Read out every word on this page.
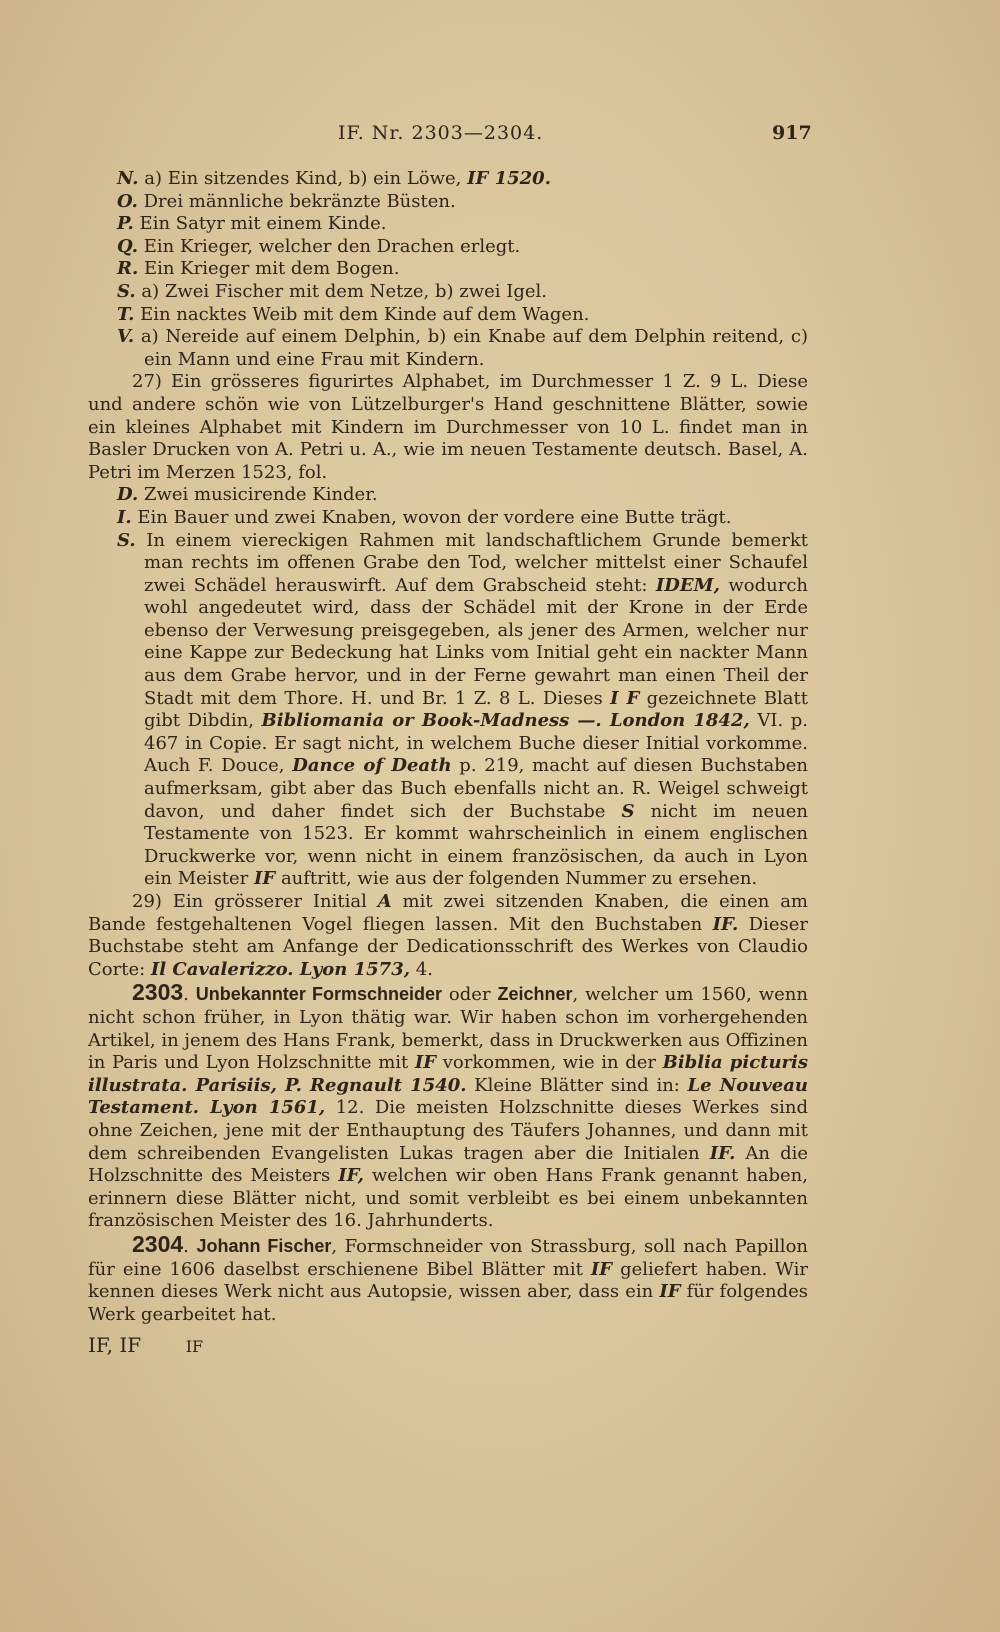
IF. Nr. 2303—2304.	917

N. a) Ein sitzendes Kind, b) ein Löwe, IF 1520.

O. Drei männliche bekränzte Büsten.

P. Ein Satyr mit einem Kinde.

Q. Ein Krieger, welcher den Drachen erlegt.

R. Ein Krieger mit dem Bogen.

S. a) Zwei Fischer mit dem Netze, b) zwei Igel.

T. Ein nacktes Weib mit dem Kinde auf dem Wagen.

V. a) Nereide auf einem Delphin, b) ein Knabe auf dem Delphin reitend, c) ein Mann und eine Frau mit Kindern.

27) Ein grösseres figurirtes Alphabet, im Durchmesser 1 Z. 9 L. Diese und andere schön wie von Lützelburger's Hand geschnittene Blätter, sowie ein kleines Alphabet mit Kindern im Durchmesser von 10 L. findet man in Basler Drucken von A. Petri u. A., wie im neuen Testamente deutsch. Basel, A. Petri im Merzen 1523, fol.

D. Zwei musicirende Kinder.

I. Ein Bauer und zwei Knaben, wovon der vordere eine Butte trägt.

S. In einem viereckigen Rahmen mit landschaftlichem Grunde bemerkt man rechts im offenen Grabe den Tod, welcher mittelst einer Schaufel zwei Schädel herauswirft. Auf dem Grabscheid steht: IDEM, wodurch wohl angedeutet wird, dass der Schädel mit der Krone in der Erde ebenso der Verwesung preisgegeben, als jener des Armen, welcher nur eine Kappe zur Bedeckung hat Links vom Initial geht ein nackter Mann aus dem Grabe hervor, und in der Ferne gewahrt man einen Theil der Stadt mit dem Thore. H. und Br. 1 Z. 8 L. Dieses I F gezeichnete Blatt gibt Dibdin, Bibliomania or Book-Madness —. London 1842, VI. p. 467 in Copie. Er sagt nicht, in welchem Buche dieser Initial vorkomme. Auch F. Douce, Dance of Death p. 219, macht auf diesen Buchstaben aufmerksam, gibt aber das Buch ebenfalls nicht an. R. Weigel schweigt davon, und daher findet sich der Buchstabe S nicht im neuen Testamente von 1523. Er kommt wahrscheinlich in einem englischen Druckwerke vor, wenn nicht in einem französischen, da auch in Lyon ein Meister IF auftritt, wie aus der folgenden Nummer zu ersehen.

29) Ein grösserer Initial A mit zwei sitzenden Knaben, die einen am Bande festgehaltenen Vogel fliegen lassen. Mit den Buchstaben IF. Dieser Buchstabe steht am Anfange der Dedicationsschrift des Werkes von Claudio Corte: Il Cavalerizzo. Lyon 1573, 4.

2303. Unbekannter Formschneider oder Zeichner, welcher um 1560, wenn nicht schon früher, in Lyon thätig war. Wir haben schon im vorhergehenden Artikel, in jenem des Hans Frank, bemerkt, dass in Druckwerken aus Offizinen in Paris und Lyon Holzschnitte mit IF vorkommen, wie in der Biblia picturis illustrata. Parisiis, P. Regnault 1540. Kleine Blätter sind in: Le Nouveau Testament. Lyon 1561, 12. Die meisten Holzschnitte dieses Werkes sind ohne Zeichen, jene mit der Enthauptung des Täufers Johannes, und dann mit dem schreibenden Evangelisten Lukas tragen aber die Initialen IF. An die Holzschnitte des Meisters IF, welchen wir oben Hans Frank genannt haben, erinnern diese Blätter nicht, und somit verbleibt es bei einem unbekannten französischen Meister des 16. Jahrhunderts.

2304. Johann Fischer, Formschneider von Strassburg, soll nach Papillon für eine 1606 daselbst erschienene Bibel Blätter mit IF geliefert haben. Wir kennen dieses Werk nicht aus Autopsie, wissen aber, dass ein IF für folgendes Werk gearbeitet hat.

IF, IF	IF
